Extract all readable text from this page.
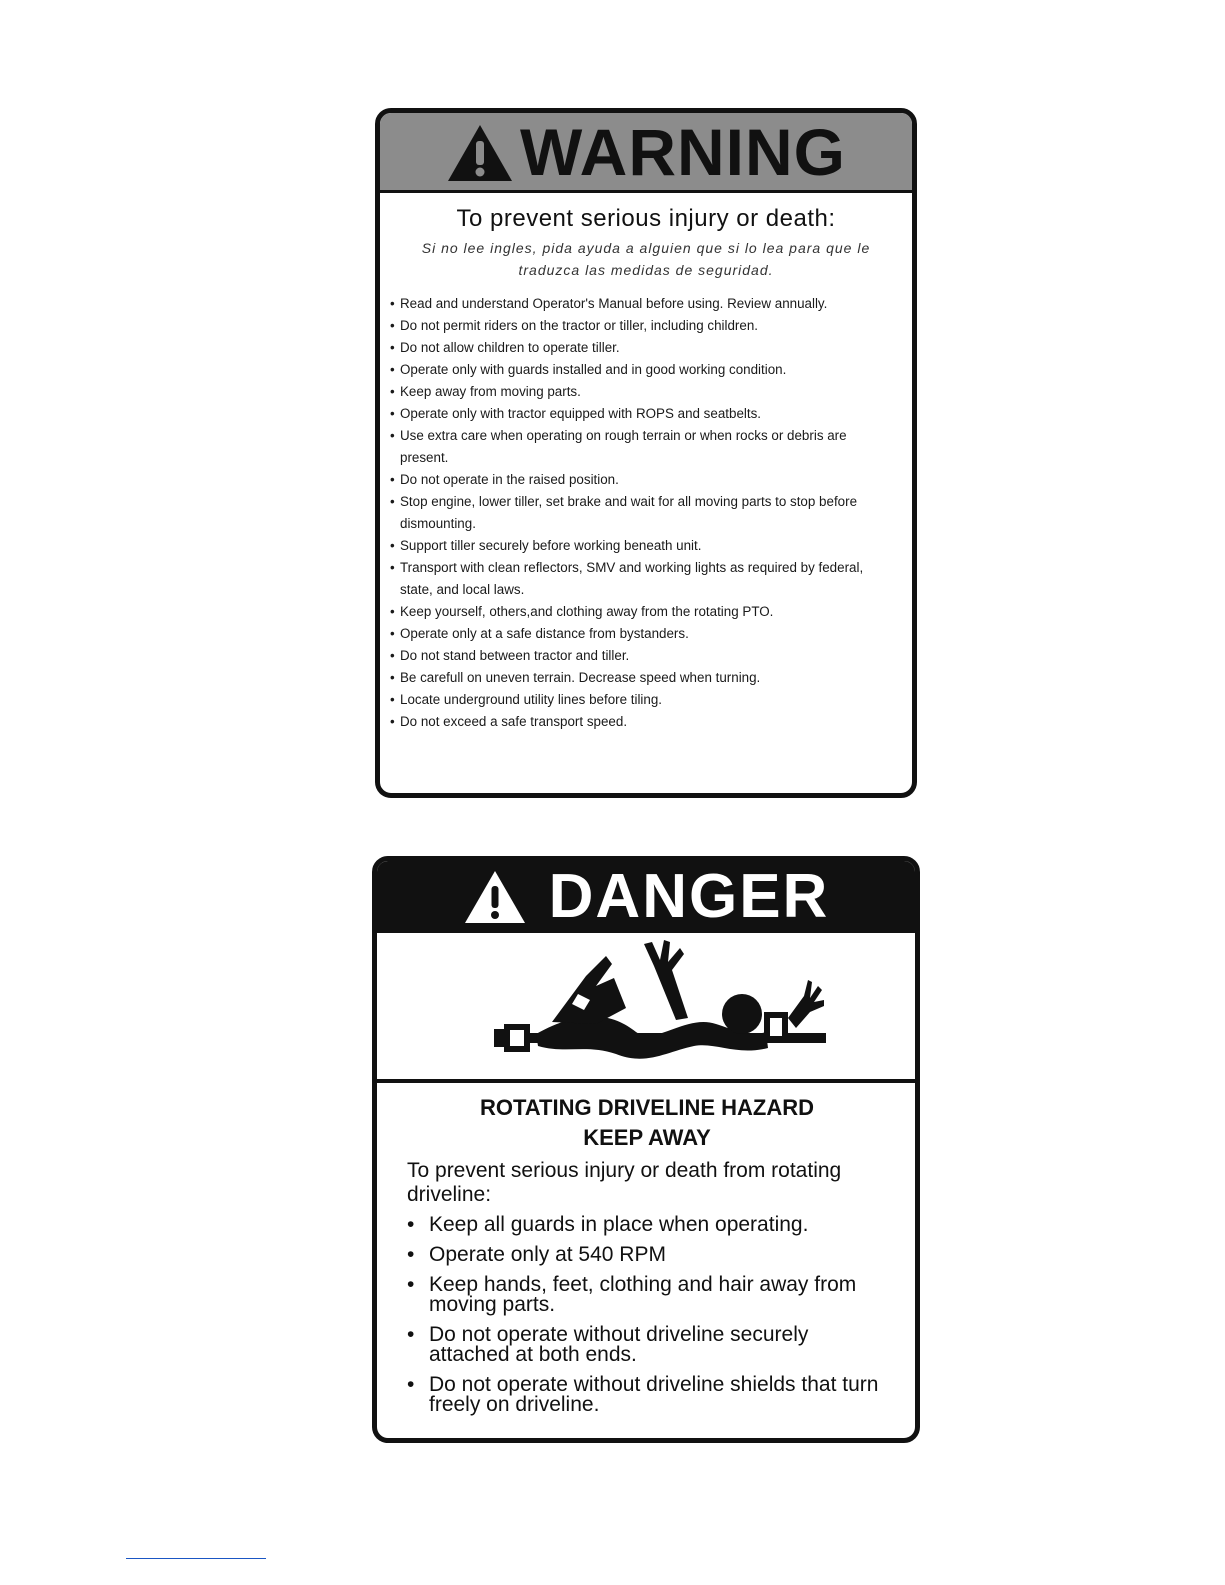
WARNING
To prevent serious injury or death:
Si no lee ingles, pida ayuda a alguien que si lo lea para que le traduzca las medidas de seguridad.
• Read and understand Operator's Manual before using. Review annually.
• Do not permit riders on the tractor or tiller, including children.
• Do not allow children to operate tiller.
• Operate only with guards installed and in good working condition.
• Keep away from moving parts.
• Operate only with tractor equipped with ROPS and seatbelts.
• Use extra care when operating on rough terrain or when rocks or debris are present.
• Do not operate in the raised position.
• Stop engine, lower tiller, set brake and wait for all moving parts to stop before dismounting.
• Support tiller securely before working beneath unit.
• Transport with clean reflectors, SMV and working lights as required by federal, state, and local laws.
• Keep yourself, others,and clothing away from the rotating PTO.
• Operate only at a safe distance from bystanders.
• Do not stand between tractor and tiller.
• Be carefull on uneven terrain. Decrease speed when turning.
• Locate underground utility lines before tiling.
• Do not exceed a safe transport speed.
DANGER
ROTATING DRIVELINE HAZARD
KEEP AWAY
To prevent serious injury or death from rotating driveline:
• Keep all guards in place when operating.
• Operate only at 540 RPM
• Keep hands, feet, clothing and hair away from moving parts.
• Do not operate without driveline securely attached at both ends.
• Do not operate without driveline shields that turn freely on driveline.
